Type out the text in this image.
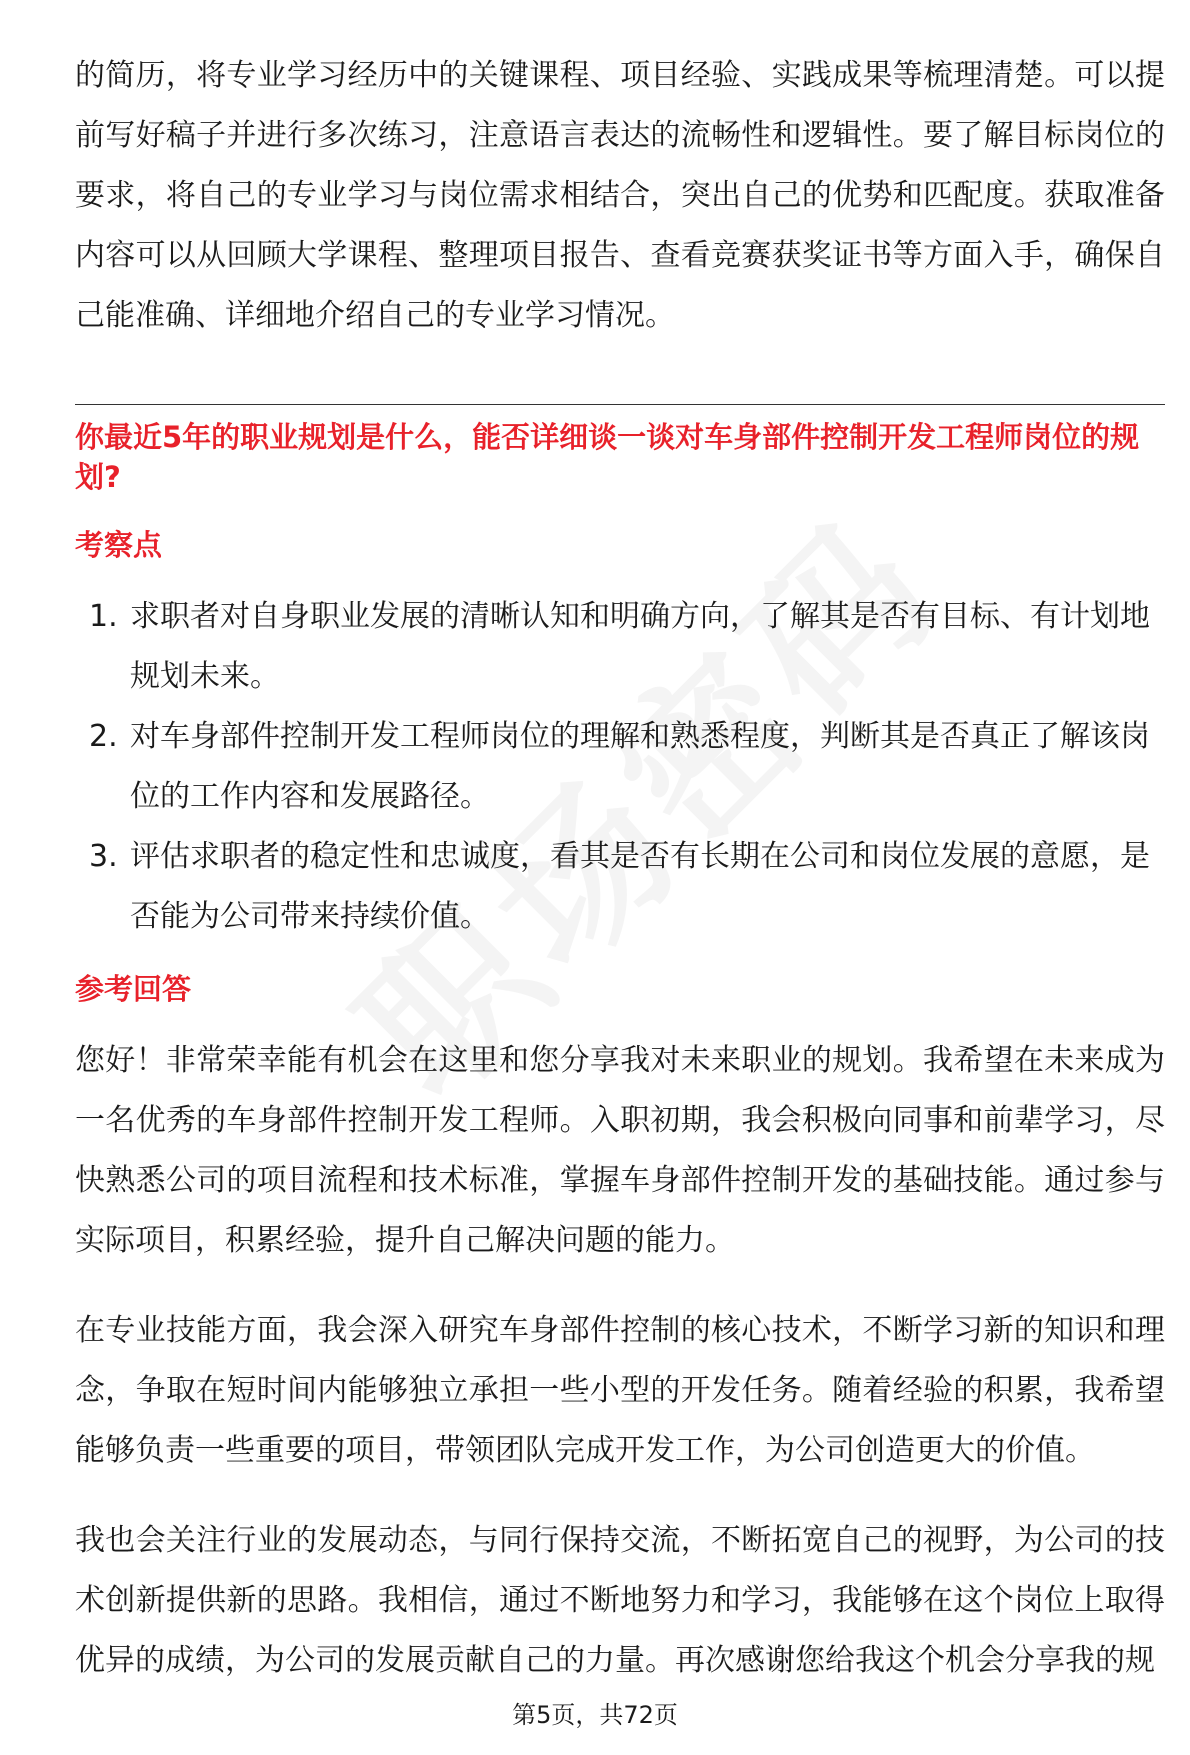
的简历，将专业学习经历中的关键课程、项目经验、实践成果等梳理清楚。可以提前写好稿子并进行多次练习，注意语言表达的流畅性和逻辑性。要了解目标岗位的要求，将自己的专业学习与岗位需求相结合，突出自己的优势和匹配度。获取准备内容可以从回顾大学课程、整理项目报告、查看竞赛获奖证书等方面入手，确保自己能准确、详细地介绍自己的专业学习情况。

你最近5年的职业规划是什么，能否详细谈一谈对车身部件控制开发工程师岗位的规划?
考察点
1. 求职者对自身职业发展的清晰认知和明确方向，了解其是否有目标、有计划地规划未来。
2. 对车身部件控制开发工程师岗位的理解和熟悉程度，判断其是否真正了解该岗位的工作内容和发展路径。
3. 评估求职者的稳定性和忠诚度，看其是否有长期在公司和岗位发展的意愿，是否能为公司带来持续价值。
参考回答

您好！非常荣幸能有机会在这里和您分享我对未来职业的规划。我希望在未来成为一名优秀的车身部件控制开发工程师。入职初期，我会积极向同事和前辈学习，尽快熟悉公司的项目流程和技术标准，掌握车身部件控制开发的基础技能。通过参与实际项目，积累经验，提升自己解决问题的能力。

在专业技能方面，我会深入研究车身部件控制的核心技术，不断学习新的知识和理念，争取在短时间内能够独立承担一些小型的开发任务。随着经验的积累，我希望能够负责一些重要的项目，带领团队完成开发工作，为公司创造更大的价值。

我也会关注行业的发展动态，与同行保持交流，不断拓宽自己的视野，为公司的技术创新提供新的思路。我相信，通过不断地努力和学习，我能够在这个岗位上取得优异的成绩，为公司的发展贡献自己的力量。再次感谢您给我这个机会分享我的规

第5页，共72页
